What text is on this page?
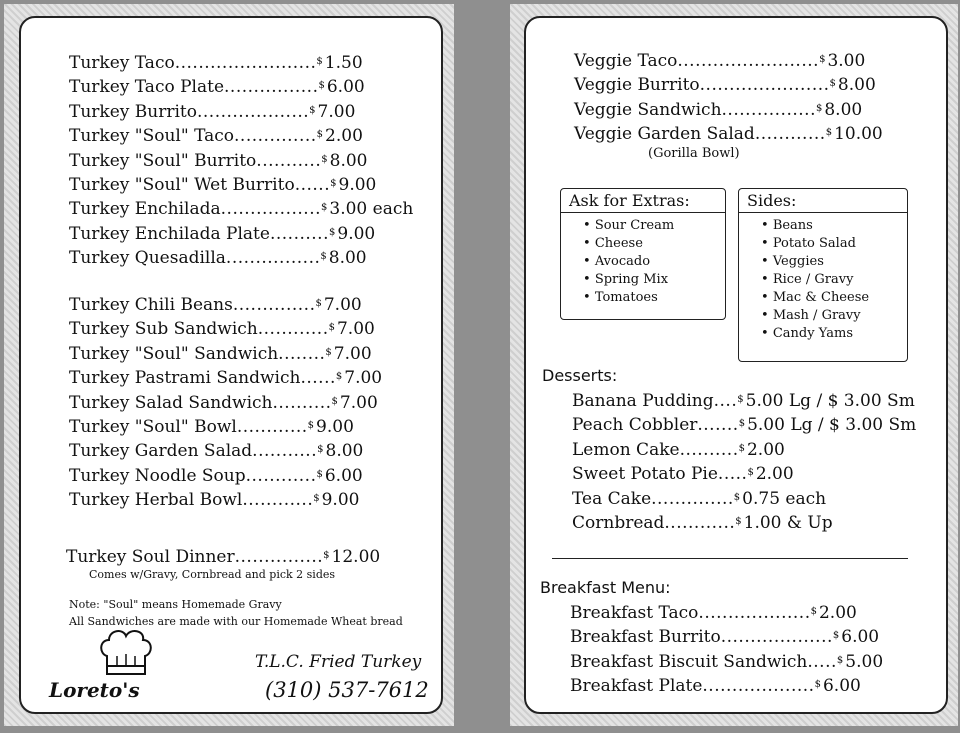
Turkey Taco........................$ 1.50
Turkey Taco Plate................$ 6.00
Turkey Burrito...................$ 7.00
Turkey "Soul" Taco..............$ 2.00
Turkey "Soul" Burrito...........$ 8.00
Turkey "Soul" Wet Burrito......$ 9.00
Turkey Enchilada.................$ 3.00 each
Turkey Enchilada Plate..........$ 9.00
Turkey Quesadilla................$ 8.00
Turkey Chili Beans..............$ 7.00
Turkey Sub Sandwich............$ 7.00
Turkey "Soul" Sandwich........$ 7.00
Turkey Pastrami Sandwich......$ 7.00
Turkey Salad Sandwich..........$ 7.00
Turkey "Soul" Bowl............$ 9.00
Turkey Garden Salad...........$ 8.00
Turkey Noodle Soup............$ 6.00
Turkey Herbal Bowl............$ 9.00
Turkey Soul Dinner...............$ 12.00
Comes w/Gravy, Cornbread and pick 2 sides
Note: "Soul" means Homemade Gravy
All Sandwiches are made with our Homemade Wheat bread
Loreto's
T.L.C. Fried Turkey
(310) 537-7612
Veggie Taco........................$ 3.00
Veggie Burrito......................$ 8.00
Veggie Sandwich................$ 8.00
Veggie Garden Salad............$ 10.00
(Gorilla Bowl)
Ask for Extras:
• Sour Cream
• Cheese
• Avocado
• Spring Mix
• Tomatoes
Sides:
• Beans
• Potato Salad
• Veggies
• Rice / Gravy
• Mac & Cheese
• Mash / Gravy
• Candy Yams
Desserts:
Banana Pudding....$ 5.00 Lg / $ 3.00 Sm
Peach Cobbler.......$ 5.00 Lg / $ 3.00 Sm
Lemon Cake..........$ 2.00
Sweet Potato Pie.....$ 2.00
Tea Cake..............$ 0.75 each
Cornbread............$ 1.00 & Up
Breakfast Menu:
Breakfast Taco...................$ 2.00
Breakfast Burrito...................$ 6.00
Breakfast Biscuit Sandwich.....$ 5.00
Breakfast Plate...................$ 6.00
